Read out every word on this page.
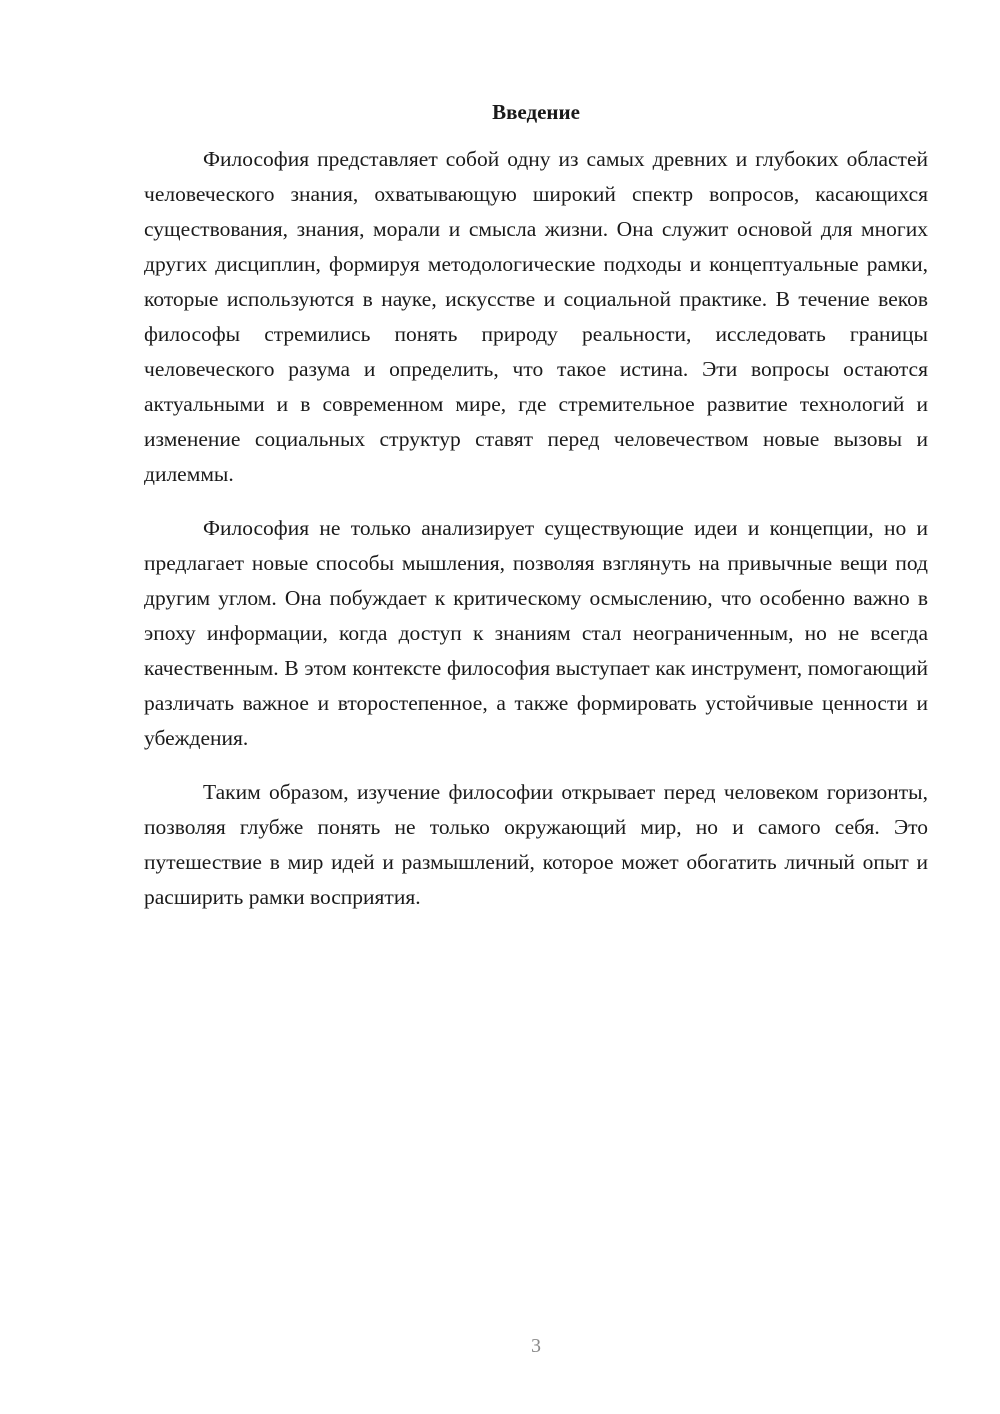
Введение

Философия представляет собой одну из самых древних и глубоких областей человеческого знания, охватывающую широкий спектр вопросов, касающихся существования, знания, морали и смысла жизни. Она служит основой для многих других дисциплин, формируя методологические подходы и концептуальные рамки, которые используются в науке, искусстве и социальной практике. В течение веков философы стремились понять природу реальности, исследовать границы человеческого разума и определить, что такое истина. Эти вопросы остаются актуальными и в современном мире, где стремительное развитие технологий и изменение социальных структур ставят перед человечеством новые вызовы и дилеммы.

Философия не только анализирует существующие идеи и концепции, но и предлагает новые способы мышления, позволяя взглянуть на привычные вещи под другим углом. Она побуждает к критическому осмыслению, что особенно важно в эпоху информации, когда доступ к знаниям стал неограниченным, но не всегда качественным. В этом контексте философия выступает как инструмент, помогающий различать важное и второстепенное, а также формировать устойчивые ценности и убеждения.

Таким образом, изучение философии открывает перед человеком горизонты, позволяя глубже понять не только окружающий мир, но и самого себя. Это путешествие в мир идей и размышлений, которое может обогатить личный опыт и расширить рамки восприятия.

3
